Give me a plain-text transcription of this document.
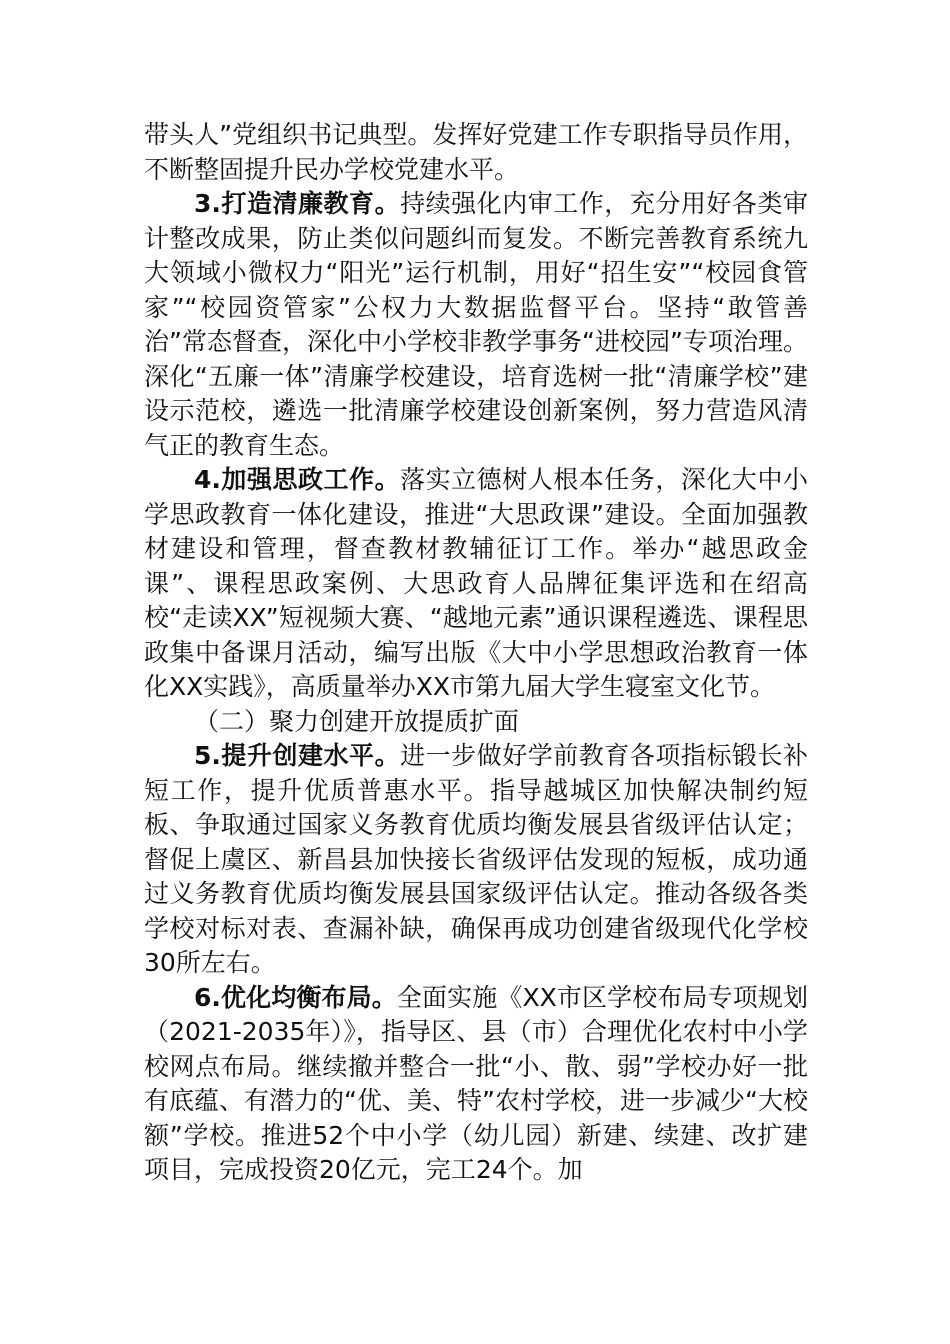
带头人”党组织书记典型。发挥好党建工作专职指导员作用，不断整固提升民办学校党建水平。

3.打造清廉教育。持续强化内审工作，充分用好各类审计整改成果，防止类似问题纠而复发。不断完善教育系统九大领域小微权力“阳光”运行机制，用好“招生安”“校园食管家”“校园资管家”公权力大数据监督平台。坚持“敢管善治”常态督查，深化中小学校非教学事务“进校园”专项治理。深化“五廉一体”清廉学校建设，培育选树一批“清廉学校”建设示范校，遴选一批清廉学校建设创新案例，努力营造风清气正的教育生态。

4.加强思政工作。落实立德树人根本任务，深化大中小学思政教育一体化建设，推进“大思政课”建设。全面加强教材建设和管理，督查教材教辅征订工作。举办“越思政金课”、课程思政案例、大思政育人品牌征集评选和在绍高校“走读XX”短视频大赛、“越地元素”通识课程遴选、课程思政集中备课月活动，编写出版《大中小学思想政治教育一体化XX实践》，高质量举办XX市第九届大学生寝室文化节。

（二）聚力创建开放提质扩面

5.提升创建水平。进一步做好学前教育各项指标锻长补短工作，提升优质普惠水平。指导越城区加快解决制约短板、争取通过国家义务教育优质均衡发展县省级评估认定；督促上虞区、新昌县加快接长省级评估发现的短板，成功通过义务教育优质均衡发展县国家级评估认定。推动各级各类学校对标对表、查漏补缺，确保再成功创建省级现代化学校30所左右。

6.优化均衡布局。全面实施《XX市区学校布局专项规划（2021-2035年）》，指导区、县（市）合理优化农村中小学校网点布局。继续撤并整合一批“小、散、弱”学校办好一批有底蕴、有潜力的“优、美、特”农村学校，进一步减少“大校额”学校。推进52个中小学（幼儿园）新建、续建、改扩建项目，完成投资20亿元，完工24个。加
